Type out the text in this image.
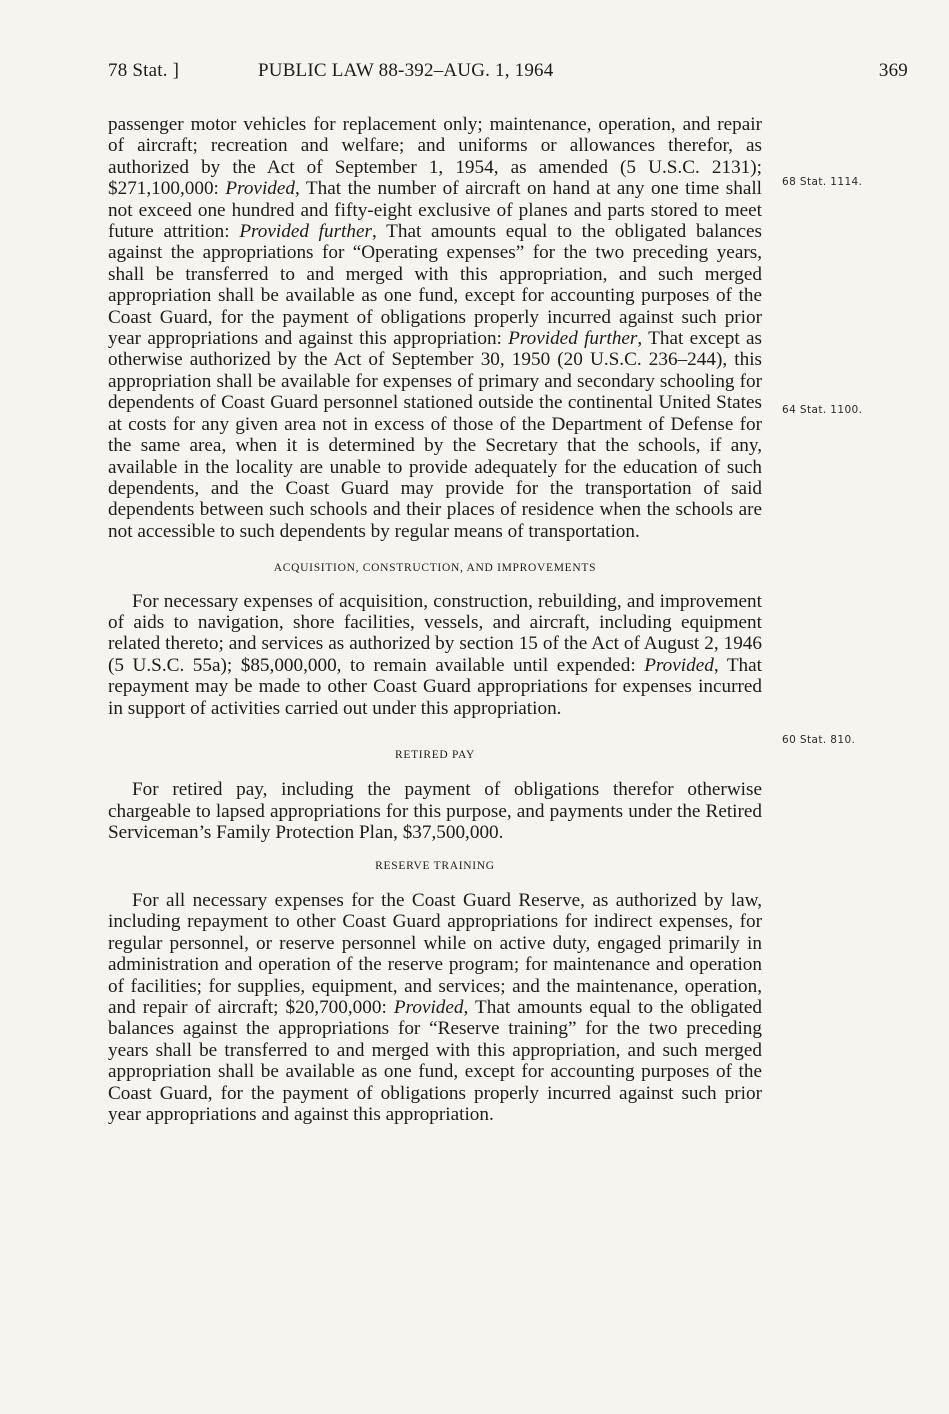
78 Stat. ]	PUBLIC LAW 88-392–AUG. 1, 1964	369
68 Stat. 1114.
64 Stat. 1100.
60 Stat. 810.

passenger motor vehicles for replacement only; maintenance, operation, and repair of aircraft; recreation and welfare; and uniforms or allowances therefor, as authorized by the Act of September 1, 1954, as amended (5 U.S.C. 2131); $271,100,000: Provided, That the number of aircraft on hand at any one time shall not exceed one hundred and fifty-eight exclusive of planes and parts stored to meet future attrition: Provided further, That amounts equal to the obligated balances against the appropriations for “Operating expenses” for the two preceding years, shall be transferred to and merged with this appropriation, and such merged appropriation shall be available as one fund, except for accounting purposes of the Coast Guard, for the payment of obligations properly incurred against such prior year appropriations and against this appropriation: Provided further, That except as otherwise authorized by the Act of September 30, 1950 (20 U.S.C. 236–244), this appropriation shall be available for expenses of primary and secondary schooling for dependents of Coast Guard personnel stationed outside the continental United States at costs for any given area not in excess of those of the Department of Defense for the same area, when it is determined by the Secretary that the schools, if any, available in the locality are unable to provide adequately for the education of such dependents, and the Coast Guard may provide for the transportation of said dependents between such schools and their places of residence when the schools are not accessible to such dependents by regular means of transportation.

ACQUISITION, CONSTRUCTION, AND IMPROVEMENTS

For necessary expenses of acquisition, construction, rebuilding, and improvement of aids to navigation, shore facilities, vessels, and aircraft, including equipment related thereto; and services as authorized by section 15 of the Act of August 2, 1946 (5 U.S.C. 55a); $85,000,000, to remain available until expended: Provided, That repayment may be made to other Coast Guard appropriations for expenses incurred in support of activities carried out under this appropriation.

RETIRED PAY

For retired pay, including the payment of obligations therefor otherwise chargeable to lapsed appropriations for this purpose, and payments under the Retired Serviceman’s Family Protection Plan, $37,500,000.

RESERVE TRAINING

For all necessary expenses for the Coast Guard Reserve, as authorized by law, including repayment to other Coast Guard appropriations for indirect expenses, for regular personnel, or reserve personnel while on active duty, engaged primarily in administration and operation of the reserve program; for maintenance and operation of facilities; for supplies, equipment, and services; and the maintenance, operation, and repair of aircraft; $20,700,000: Provided, That amounts equal to the obligated balances against the appropriations for “Reserve training” for the two preceding years shall be transferred to and merged with this appropriation, and such merged appropriation shall be available as one fund, except for accounting purposes of the Coast Guard, for the payment of obligations properly incurred against such prior year appropriations and against this appropriation.
